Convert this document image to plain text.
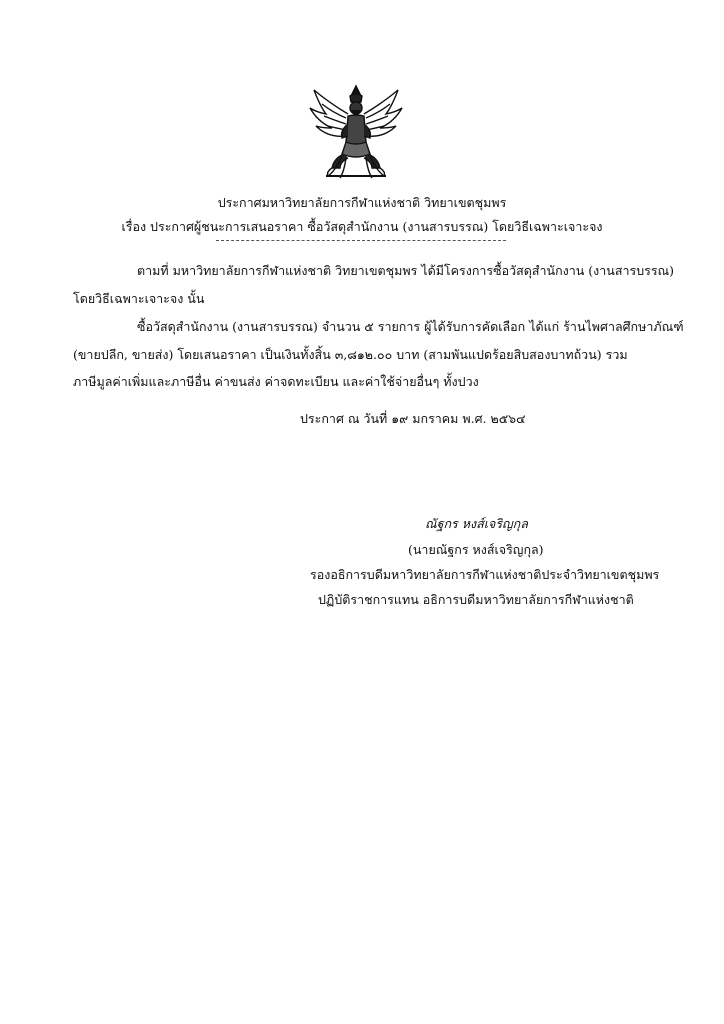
ประกาศมหาวิทยาลัยการกีฬาแห่งชาติ วิทยาเขตชุมพร
เรื่อง ประกาศผู้ชนะการเสนอราคา ซื้อวัสดุสำนักงาน (งานสารบรรณ) โดยวิธีเฉพาะเจาะจง
ตามที่ มหาวิทยาลัยการกีฬาแห่งชาติ วิทยาเขตชุมพร ได้มีโครงการซื้อวัสดุสำนักงาน (งานสารบรรณ)
โดยวิธีเฉพาะเจาะจง นั้น
ซื้อวัสดุสำนักงาน (งานสารบรรณ) จำนวน ๕ รายการ ผู้ได้รับการคัดเลือก ได้แก่ ร้านไพศาลศึกษาภัณฑ์
(ขายปลีก, ขายส่ง) โดยเสนอราคา เป็นเงินทั้งสิ้น ๓,๘๑๒.๐๐ บาท (สามพันแปดร้อยสิบสองบาทถ้วน) รวม
ภาษีมูลค่าเพิ่มและภาษีอื่น ค่าขนส่ง ค่าจดทะเบียน และค่าใช้จ่ายอื่นๆ ทั้งปวง
ประกาศ ณ วันที่ ๑๙ มกราคม พ.ศ. ๒๕๖๔
ณัฐกร หงส์เจริญกุล
(นายณัฐกร หงส์เจริญกุล)
รองอธิการบดีมหาวิทยาลัยการกีฬาแห่งชาติประจำวิทยาเขตชุมพร
ปฏิบัติราชการแทน อธิการบดีมหาวิทยาลัยการกีฬาแห่งชาติ
